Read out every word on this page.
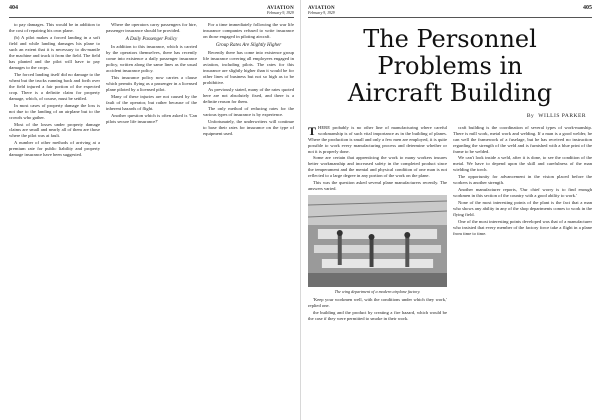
404	AVIATION
February 9, 1929

to pay damages. This would be in addition to the cost of repairing his own plane.

(b) A pilot makes a forced landing in a soft field and while landing damages his plane to such an extent that it is necessary to dis-mantle the machine and truck it from the field. The field has planted and the pilot will have to pay damages to the crops.

The forced landing itself did no damage to the wheat but the trucks running back and forth over the field injured a fair portion of the expected crop. There is a definite claim for property damage, which, of course, must be settled.

In most cases of property damage the loss is not due to the landing of an airplane but to the crowds who gather.

Most of the losses under property damage claims are small and nearly all of them are those where the pilot was at fault.

A number of other methods of arriving at a premium rate for public liability and property damage insurance have been suggested.

Where the operators carry passengers for hire, passenger insurance should be provided.

A Daily Passenger Policy

In addition to this insurance, which is carried by the operators themselves, there has recently come into existence a daily passenger insurance policy, written along the same lines as the usual accident insurance policy.

This insurance policy now carries a clause which permits flying as a passenger in a licensed plane piloted by a licensed pilot.

Many of these injuries are not caused by the fault of the operator, but rather because of the inherent hazards of flight.

Another question which is often asked is 'Can pilots secure life insurance?'

For a time immediately following the war life insurance companies refused to write insurance on those engaged in piloting aircraft.

Group Rates Are Slightly Higher

Recently there has come into existence group life insurance covering all employees engaged in aviation, including pilots. The rates for this insurance are slightly higher than it would be for other lines of business but not so high as to be prohibitive.

As previously stated, many of the rates quoted here are not absolutely fixed, and there is a definite reason for them.

The only method of reducing rates for the various types of insurance is by experience.

Unfortunately, the underwriters will continue to base their rates for insurance on the type of equipment used.

AVIATION
February 9, 1929
405
The Personnel Problems in
Aircraft Building
By WILLIS PARKER

THERE probably is no other line of manufacturing where careful workmanship is of such vital importance as in the building of planes. Where the production is small and only a few men are employed, it is quite possible to work every manufacturing process and determine whether or not it is properly done.

Some are certain that apprenticing the work to many workers insures better workmanship and increased safety in the completed product since the temperament and the mental and physical condition of one man is not reflected to a large degree in any portion of the work on the plane.

This was the question asked several plane manufacturers recently. The answers varied.

The wing department of a modern airplane factory.

'Keep your workmen well, with the conditions under which they work,' replied one.

the building and the product by creating a fire hazard, which would be the case if they were permitted to smoke in their work.

craft building is the coordination of several types of work-manship. There is mill work, metal work and welding. If a man is a good welder, he can well the framework of a fuselage, but he has received no instruction regarding the strength of the weld and is furnished with a blue print of the frame to be welded.

We can't look inside a weld, after it is done, to see the condition of the metal. We have to depend upon the skill and carefulness of the man wielding the torch.

The opportunity for advancement in the vision placed before the workers is another strength.

Another manufacturer reports, 'Our chief worry is to find enough workmen in this section of the country with a good ability to work.'

None of the most interesting points of the plant is the fact that a man who shows any ability in any of the shop departments comes to work in the flying field.

One of the most interesting points developed was that of a manufacturer who insisted that every member of the factory force take a flight in a plane from time to time.
